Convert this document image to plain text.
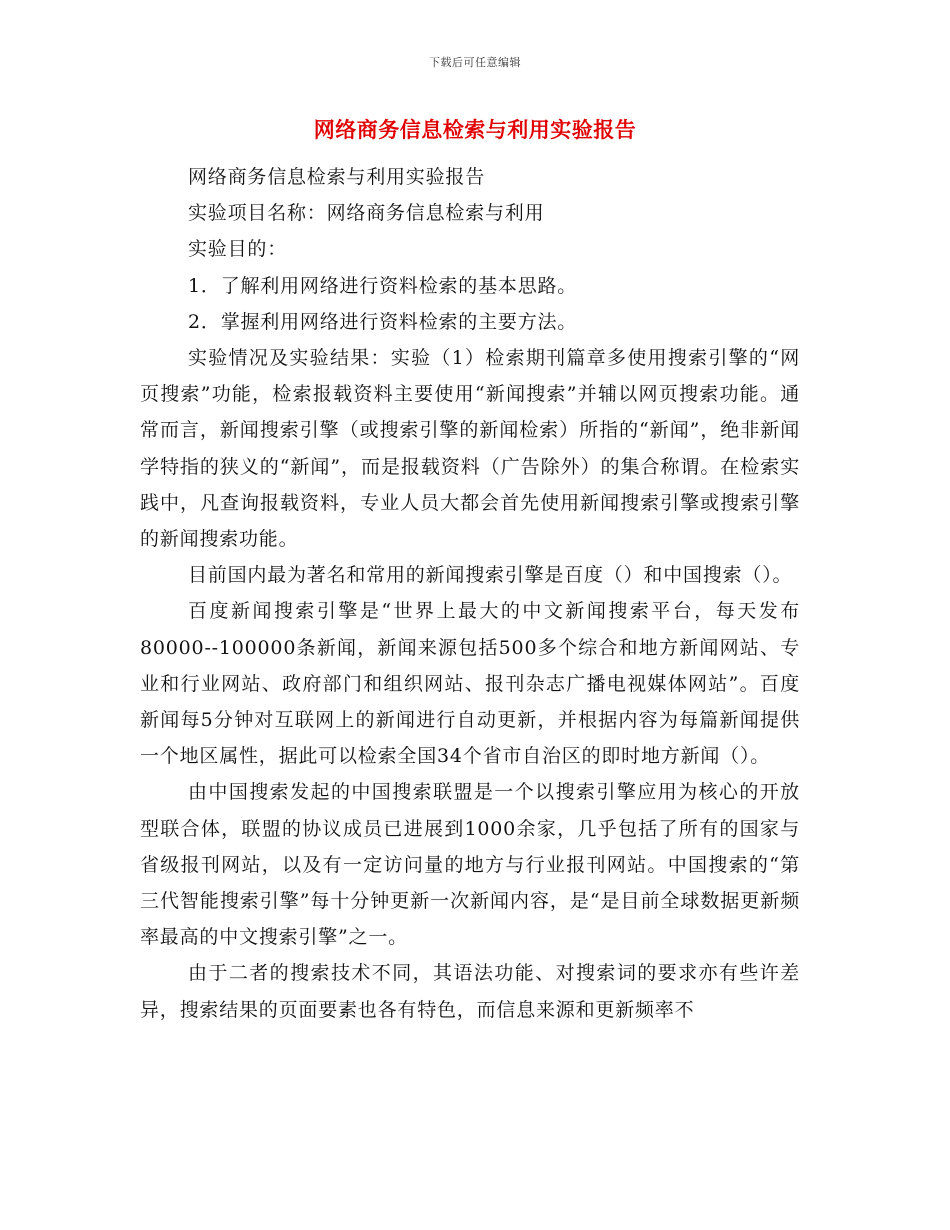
下载后可任意编辑
网络商务信息检索与利用实验报告

网络商务信息检索与利用实验报告

实验项目名称：网络商务信息检索与利用

实验目的：

1．了解利用网络进行资料检索的基本思路。

2．掌握利用网络进行资料检索的主要方法。

实验情况及实验结果：实验（1）检索期刊篇章多使用搜索引擎的“网页搜索”功能，检索报载资料主要使用“新闻搜索”并辅以网页搜索功能。通常而言，新闻搜索引擎（或搜索引擎的新闻检索）所指的“新闻”，绝非新闻学特指的狭义的“新闻”，而是报载资料（广告除外）的集合称谓。在检索实践中，凡查询报载资料，专业人员大都会首先使用新闻搜索引擎或搜索引擎的新闻搜索功能。

目前国内最为著名和常用的新闻搜索引擎是百度（）和中国搜索（）。

百度新闻搜索引擎是“世界上最大的中文新闻搜索平台，每天发布80000--100000条新闻，新闻来源包括500多个综合和地方新闻网站、专业和行业网站、政府部门和组织网站、报刊杂志广播电视媒体网站”。百度新闻每5分钟对互联网上的新闻进行自动更新，并根据内容为每篇新闻提供一个地区属性，据此可以检索全国34个省市自治区的即时地方新闻（）。

由中国搜索发起的中国搜索联盟是一个以搜索引擎应用为核心的开放型联合体，联盟的协议成员已进展到1000余家，几乎包括了所有的国家与省级报刊网站，以及有一定访问量的地方与行业报刊网站。中国搜索的“第三代智能搜索引擎”每十分钟更新一次新闻内容，是“是目前全球数据更新频率最高的中文搜索引擎”之一。

由于二者的搜索技术不同，其语法功能、对搜索词的要求亦有些许差异，搜索结果的页面要素也各有特色，而信息来源和更新频率不
